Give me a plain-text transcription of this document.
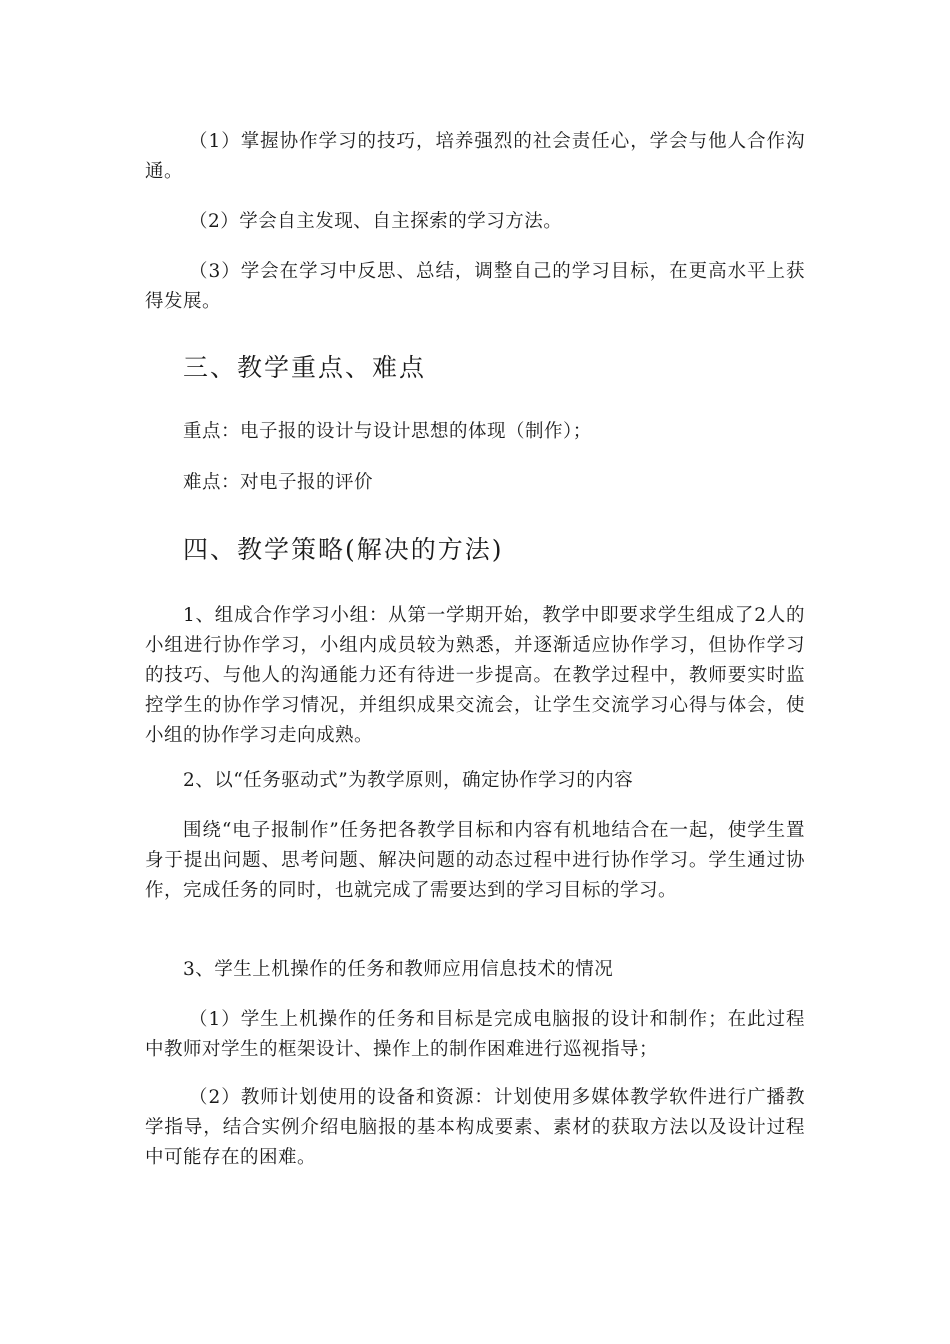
（1）掌握协作学习的技巧，培养强烈的社会责任心，学会与他人合作沟通。

（2）学会自主发现、自主探索的学习方法。

（3）学会在学习中反思、总结，调整自己的学习目标，在更高水平上获得发展。

三、教学重点、难点

重点：电子报的设计与设计思想的体现（制作）；

难点：对电子报的评价

四、教学策略(解决的方法)

1、组成合作学习小组：从第一学期开始，教学中即要求学生组成了2人的小组进行协作学习，小组内成员较为熟悉，并逐渐适应协作学习，但协作学习的技巧、与他人的沟通能力还有待进一步提高。在教学过程中，教师要实时监控学生的协作学习情况，并组织成果交流会，让学生交流学习心得与体会，使小组的协作学习走向成熟。

2、以“任务驱动式”为教学原则，确定协作学习的内容

围绕“电子报制作”任务把各教学目标和内容有机地结合在一起，使学生置身于提出问题、思考问题、解决问题的动态过程中进行协作学习。学生通过协作，完成任务的同时，也就完成了需要达到的学习目标的学习。

3、学生上机操作的任务和教师应用信息技术的情况

（1）学生上机操作的任务和目标是完成电脑报的设计和制作；在此过程中教师对学生的框架设计、操作上的制作困难进行巡视指导；

（2）教师计划使用的设备和资源：计划使用多媒体教学软件进行广播教学指导，结合实例介绍电脑报的基本构成要素、素材的获取方法以及设计过程中可能存在的困难。
